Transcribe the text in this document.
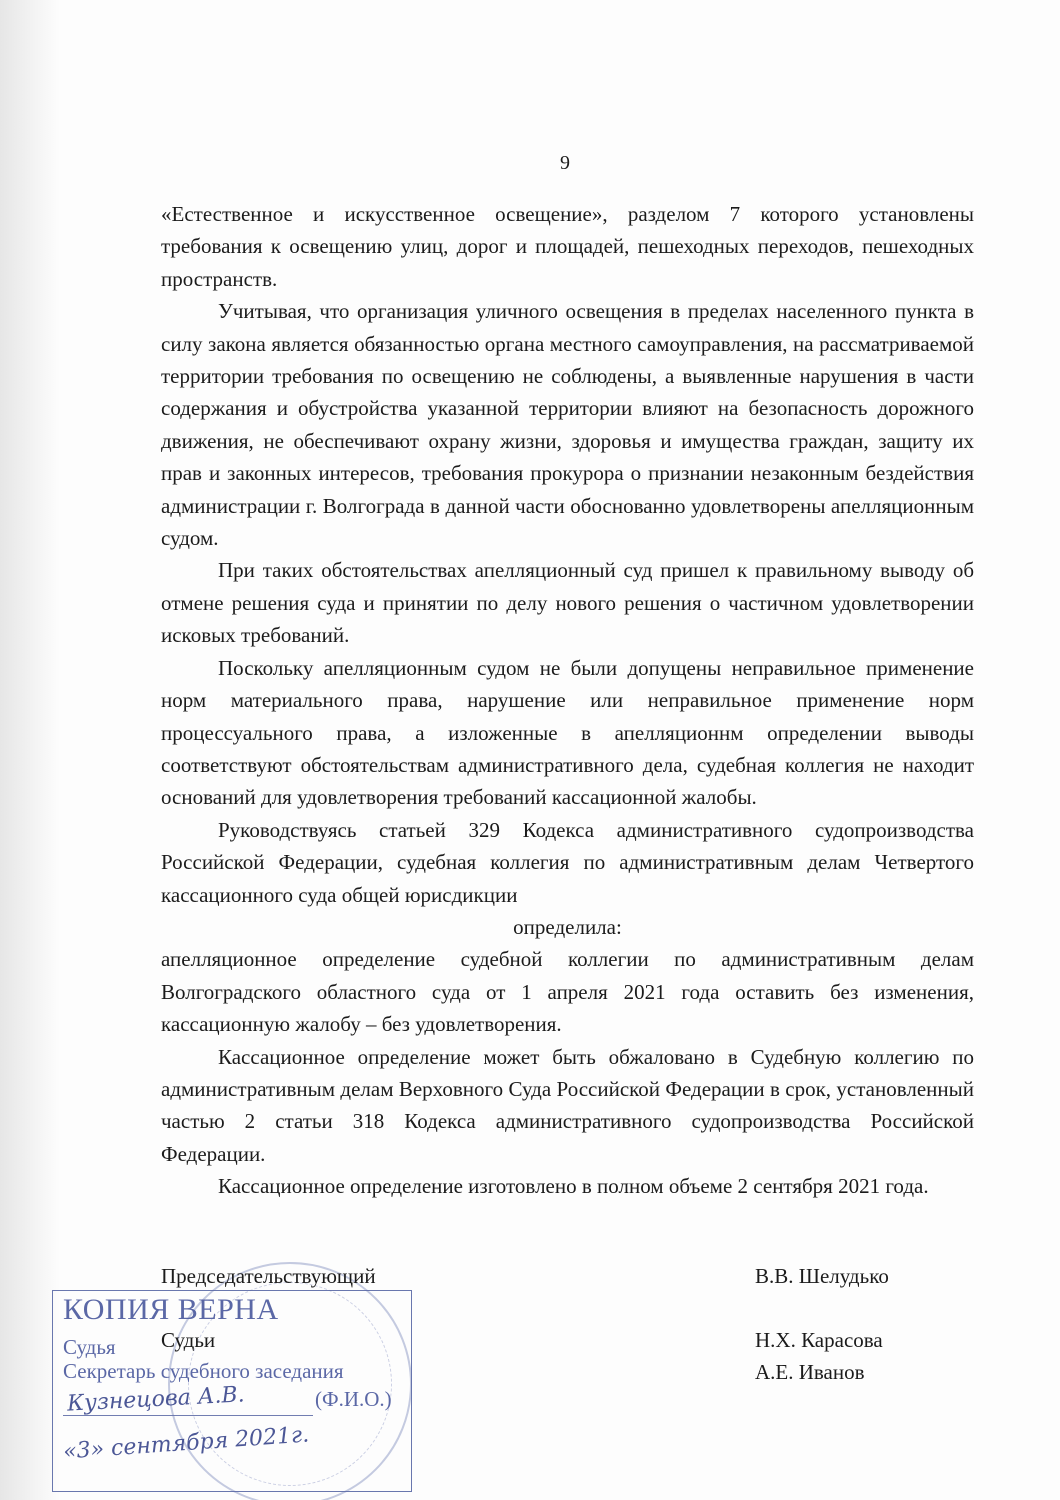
9

«Естественное и искусственное освещение», разделом 7 которого установлены требования к освещению улиц, дорог и площадей, пешеходных переходов, пешеходных пространств.

Учитывая, что организация уличного освещения в пределах населенного пункта в силу закона является обязанностью органа местного самоуправления, на рассматриваемой территории требования по освещению не соблюдены, а выявленные нарушения в части содержания и обустройства указанной территории влияют на безопасность дорожного движения, не обеспечивают охрану жизни, здоровья и имущества граждан, защиту их прав и законных интересов, требования прокурора о признании незаконным бездействия администрации г. Волгограда в данной части обоснованно удовлетворены апелляционным судом.

При таких обстоятельствах апелляционный суд пришел к правильному выводу об отмене решения суда и принятии по делу нового решения о частичном удовлетворении исковых требований.

Поскольку апелляционным судом не были допущены неправильное применение норм материального права, нарушение или неправильное применение норм процессуального права, а изложенные в апелляционнм определении выводы соответствуют обстоятельствам административного дела, судебная коллегия не находит оснований для удовлетворения требований кассационной жалобы.

Руководствуясь статьей 329 Кодекса административного судопроизводства Российской Федерации, судебная коллегия по административным делам Четвертого кассационного суда общей юрисдикции

определила:

апелляционное определение судебной коллегии по административным делам Волгоградского областного суда от 1 апреля 2021 года оставить без изменения, кассационную жалобу – без удовлетворения.

Кассационное определение может быть обжаловано в Судебную коллегию по административным делам Верховного Суда Российской Федерации в срок, установленный частью 2 статьи 318 Кодекса административного судопроизводства Российской Федерации.

Кассационное определение изготовлено в полном объеме 2 сентября 2021 года.

Председательствующий	В.В. Шелудько
Судьи	Н.Х. Карасова
А.Е. Иванов
КОПИЯ ВЕРНА
Судья
Секретарь судебного заседания
Кузнецова А.В.	(Ф.И.О.)
«3» сентября 2021г.
